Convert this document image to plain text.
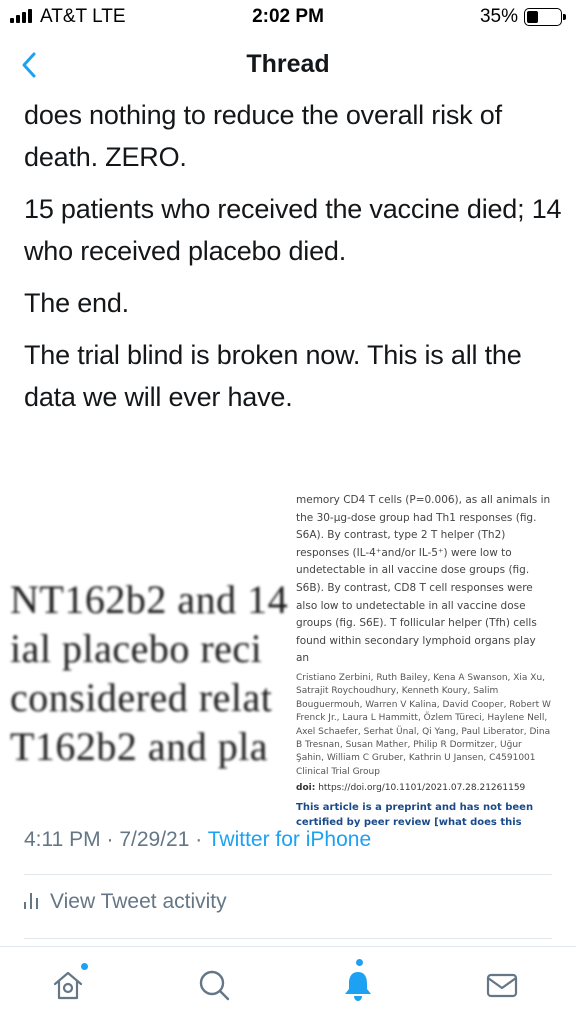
AT&T LTE	2:02 PM	35%
Thread

does nothing to reduce the overall risk of death. ZERO.

15 patients who received the vaccine died; 14 who received placebo died.

The end.

The trial blind is broken now. This is all the data we will ever have.

NT162b2 and 14
ial placebo reci
considered relat
T162b2 and pla
memory CD4 T cells (P=0.006), as all animals in the 30-µg-dose group had Th1 responses (fig. S6A). By contrast, type 2 T helper (Th2) responses (IL-4⁺and/or IL-5⁺) were low to undetectable in all vaccine dose groups (fig. S6B). By contrast, CD8 T cell responses were also low to undetectable in all vaccine dose groups (fig. S6E). T follicular helper (Tfh) cells found within secondary lymphoid organs play an
Cristiano Zerbini, Ruth Bailey, Kena A Swanson, Xia Xu, Satrajit Roychoudhury, Kenneth Koury, Salim Bouguermouh, Warren V Kalina, David Cooper, Robert W Frenck Jr., Laura L Hammitt, Özlem Türeci, Haylene Nell, Axel Schaefer, Serhat Ünal, Qi Yang, Paul Liberator, Dina B Tresnan, Susan Mather, Philip R Dormitzer, Uğur Şahin, William C Gruber, Kathrin U Jansen, C4591001 Clinical Trial Group
doi: https://doi.org/10.1101/2021.07.28.21261159
This article is a preprint and has not been certified by peer review [what does this
4:11 PM · 7/29/21 · Twitter for iPhone
View Tweet activity
